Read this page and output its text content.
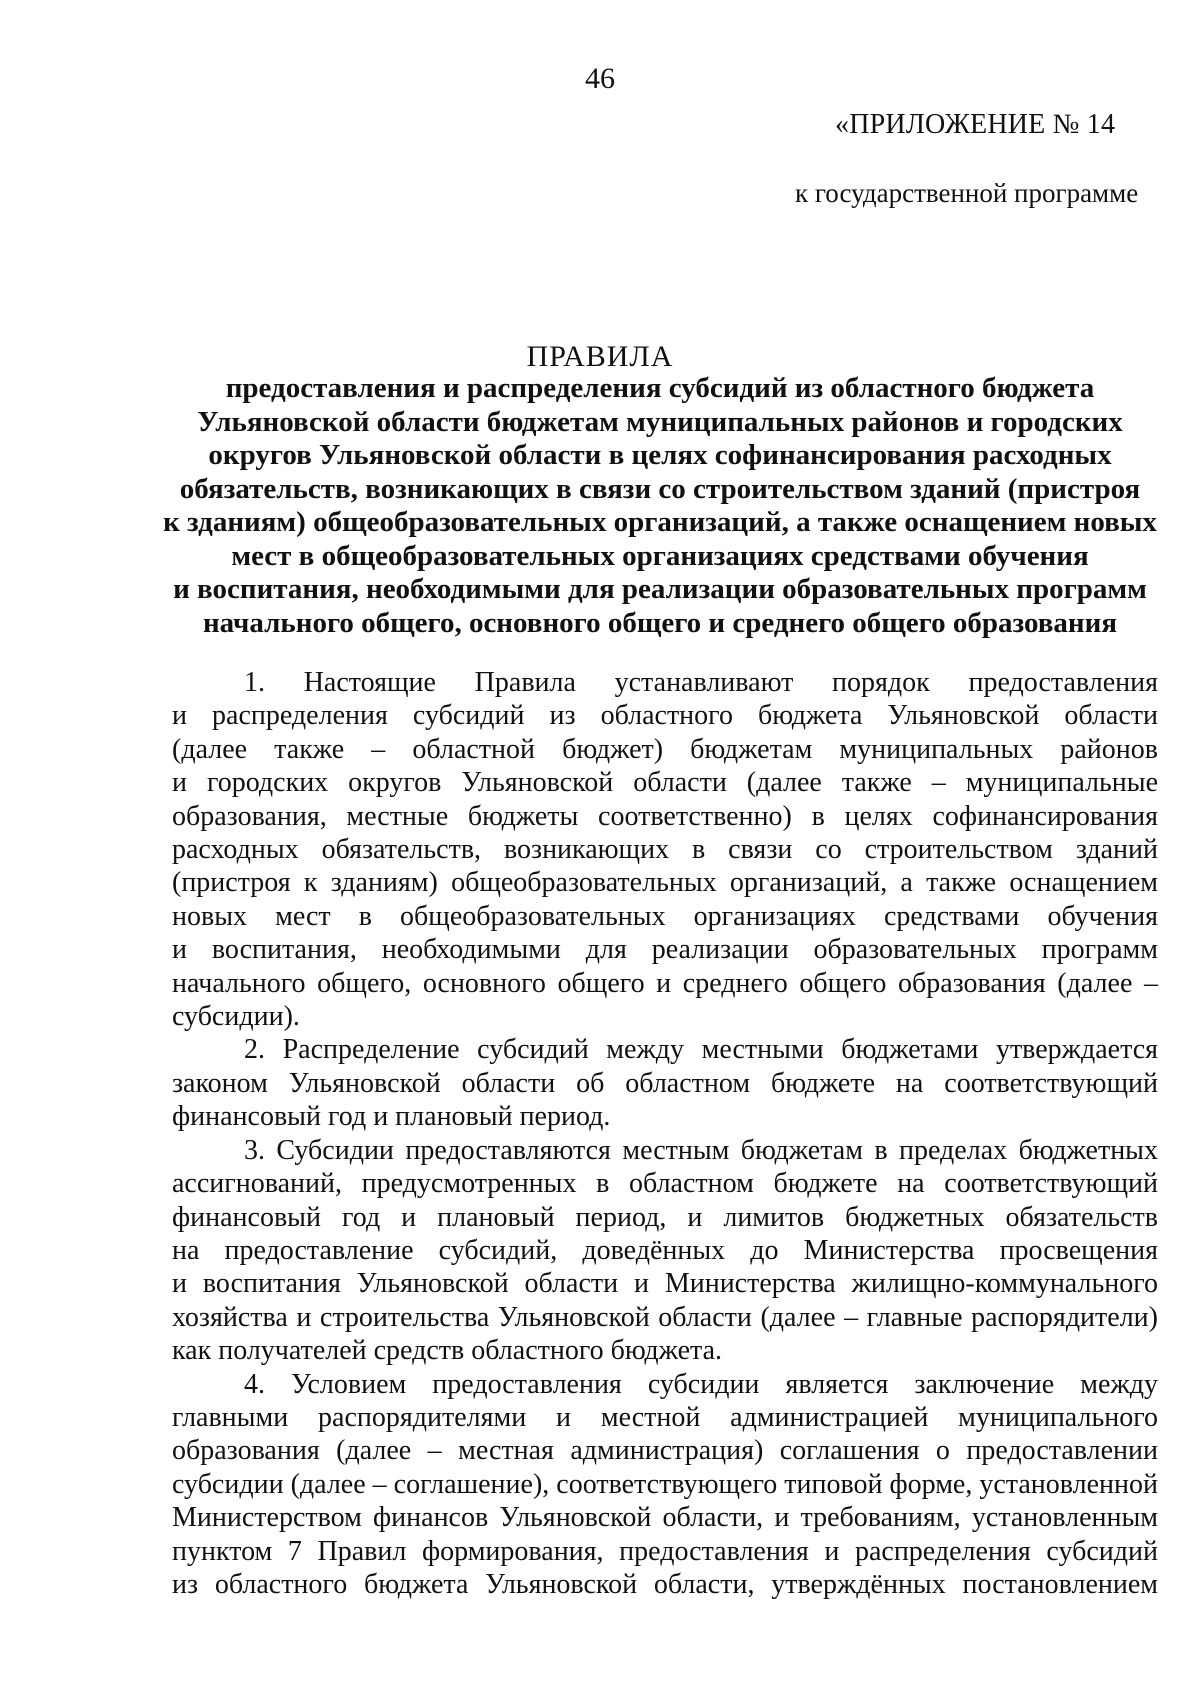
46
«ПРИЛОЖЕНИЕ № 14
к государственной программе
ПРАВИЛА
предоставления и распределения субсидий из областного бюджета
Ульяновской области бюджетам муниципальных районов и городских
округов Ульяновской области в целях софинансирования расходных
обязательств, возникающих в связи со строительством зданий (пристроя
к зданиям) общеобразовательных организаций, а также оснащением новых
мест в общеобразовательных организациях средствами обучения
и воспитания, необходимыми для реализации образовательных программ
начального общего, основного общего и среднего общего образования

1. Настоящие Правила устанавливают порядок предоставления
и распределения субсидий из областного бюджета Ульяновской области
(далее также – областной бюджет) бюджетам муниципальных районов
и городских округов Ульяновской области (далее также – муниципальные
образования, местные бюджеты соответственно) в целях софинансирования
расходных обязательств, возникающих в связи со строительством зданий
(пристроя к зданиям) общеобразовательных организаций, а также оснащением
новых мест в общеобразовательных организациях средствами обучения
и воспитания, необходимыми для реализации образовательных программ
начального общего, основного общего и среднего общего образования (далее –
субсидии).

2. Распределение субсидий между местными бюджетами утверждается
законом Ульяновской области об областном бюджете на соответствующий
финансовый год и плановый период.

3. Субсидии предоставляются местным бюджетам в пределах бюджетных
ассигнований, предусмотренных в областном бюджете на соответствующий
финансовый год и плановый период, и лимитов бюджетных обязательств
на предоставление субсидий, доведённых до Министерства просвещения
и воспитания Ульяновской области и Министерства жилищно-коммунального
хозяйства и строительства Ульяновской области (далее – главные распорядители)
как получателей средств областного бюджета.

4. Условием предоставления субсидии является заключение между
главными распорядителями и местной администрацией муниципального
образования (далее – местная администрация) соглашения о предоставлении
субсидии (далее – соглашение), соответствующего типовой форме, установленной
Министерством финансов Ульяновской области, и требованиям, установленным
пунктом 7 Правил формирования, предоставления и распределения субсидий
из областного бюджета Ульяновской области, утверждённых постановлением
